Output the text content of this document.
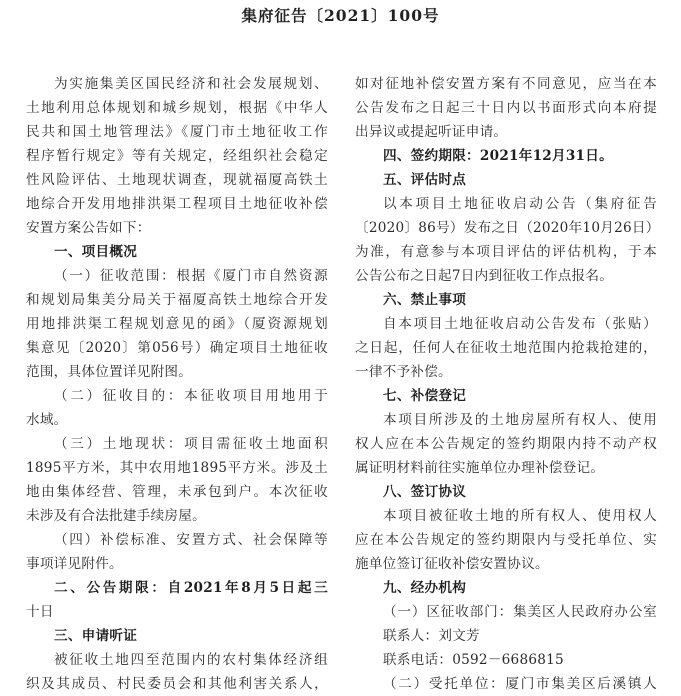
集府征告〔2021〕100号
为实施集美区国民经济和社会发展规划、
土地利用总体规划和城乡规划，根据《中华人
民共和国土地管理法》《厦门市土地征收工作
程序暂行规定》等有关规定，经组织社会稳定
性风险评估、土地现状调查，现就福厦高铁土
地综合开发用地排洪渠工程项目土地征收补偿
安置方案公告如下：
一、项目概况
（一）征收范围：根据《厦门市自然资源
和规划局集美分局关于福厦高铁土地综合开发
用地排洪渠工程规划意见的函》（厦资源规划
集意见〔2020〕第056号）确定项目土地征收
范围，具体位置详见附图。
（二）征收目的：本征收项目用地用于
水域。
（三）土地现状：项目需征收土地面积
1895平方米，其中农用地1895平方米。涉及土
地由集体经营、管理，未承包到户。本次征收
未涉及有合法批建手续房屋。
（四）补偿标准、安置方式、社会保障等
事项详见附件。
二、公告期限：自2021年8月5日起三
十日
三、申请听证
被征收土地四至范围内的农村集体经济组
织及其成员、村民委员会和其他利害关系人，
如对征地补偿安置方案有不同意见，应当在本
公告发布之日起三十日内以书面形式向本府提
出异议或提起听证申请。
四、签约期限：2021年12月31日。
五、评估时点
以本项目土地征收启动公告（集府征告
〔2020〕86号）发布之日（2020年10月26日）
为准，有意参与本项目评估的评估机构，于本
公告公布之日起7日内到征收工作点报名。
六、禁止事项
自本项目土地征收启动公告发布（张贴）
之日起，任何人在征收土地范围内抢栽抢建的，
一律不予补偿。
七、补偿登记
本项目所涉及的土地房屋所有权人、使用
权人应在本公告规定的签约期限内持不动产权
属证明材料前往实施单位办理补偿登记。
八、签订协议
本项目被征收土地的所有权人、使用权人
应在本公告规定的签约期限内与受托单位、实
施单位签订征收补偿安置协议。
九、经办机构
（一）区征收部门：集美区人民政府办公室
联系人：刘文芳
联系电话：0592－6686815
（二）受托单位：厦门市集美区后溪镇人
